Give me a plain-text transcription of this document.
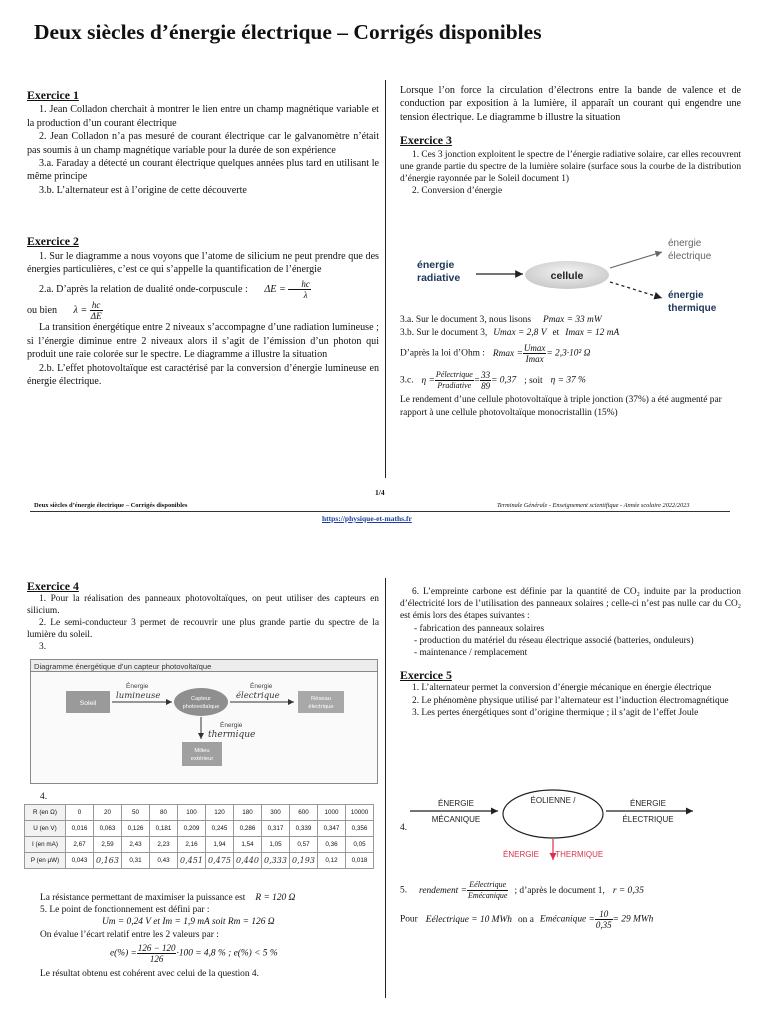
Deux siècles d’énergie électrique – Corrigés disponibles

Exercice 1

1. Jean Colladon cherchait à montrer le lien entre un champ magnétique variable et la production d’un courant électrique

2. Jean Colladon n’a pas mesuré de courant électrique car le galvanomètre n’était pas soumis à un champ magnétique variable pour la durée de son expérience

3.a. Faraday a détecté un courant électrique quelques années plus tard en utilisant le même principe

3.b. L’alternateur est à l’origine de cette découverte

Exercice 2

1. Sur le diagramme a nous voyons que l’atome de silicium ne peut prendre que des énergies particulières, c’est ce qui s’appelle la quantification de l’énergie

2.a. D’après la relation de dualité onde-corpuscule : $\Delta E = \frac{hc}{\lambda}$

ou bien $\lambda = \frac{hc}{\Delta E}$

La transition énergétique entre 2 niveaux s’accompagne d’une radiation lumineuse ; si l’énergie diminue entre 2 niveaux alors il s’agit de l’émission d’un photon qui produit une raie colorée sur le spectre. Le diagramme a illustre la situation

2.b. L’effet photovoltaïque est caractérisé par la conversion d’énergie lumineuse en énergie électrique.

Lorsque l’on force la circulation d’électrons entre la bande de valence et de conduction par exposition à la lumière, il apparaît un courant qui engendre une tension électrique. Le diagramme b illustre la situation

Exercice 3

1. Ces 3 jonction exploitent le spectre de l’énergie radiative solaire, car elles recouvrent une grande partie du spectre de la lumière solaire (surface sous la courbe de la distribution d’énergie rayonnée par le Soleil document 1)

2. Conversion d’énergie

énergie
radiative	cellule
énergie
électrique
énergie
thermique

3.a. Sur le document 3, nous lisons Pmax = 33 mW

3.b. Sur le document 3, Umax = 2,8 V et Imax = 12 mA

D’après la loi d’Ohm : $Rmax = \frac{Umax}{Imax} = 2,3\cdot 10^2$ Ω

3.c. $\eta = \frac{\text{Pélectrique}}{\text{Pradiative}} = \frac{33}{89} = 0,37$ ; soit η = 37 %

Le rendement d’une cellule photovoltaïque à triple jonction (37%) a été augmenté par rapport à une cellule photovoltaïque monocristallin (15%)

1/4
Deux siècles d’énergie électrique – Corrigés disponibles	Terminale Générale - Enseignement scientifique - Année scolaire 2022/2023
https://physique-et-maths.fr

Exercice 4

1. Pour la réalisation des panneaux photovoltaïques, on peut utiliser des capteurs en silicium.

2. Le semi-conducteur 3 permet de recouvrir une plus grande partie du spectre de la lumière du soleil.

3.

Diagramme énergétique d’un capteur photovoltaïque
Soleil
Énergie
lumineuse	Capteur
photovoltaïque
Énergie
électrique	Réseau
électrique
Énergie
thermique
Milieu
extérieur
4.
R (en Ω)	0	20	50	80	100	120	180	300	600	1000	10000
U (en V)	0,016	0,063	0,126	0,181	0,209	0,245	0,286	0,317	0,339	0,347	0,356
I (en mA)	2,67	2,59	2,43	2,23	2,16	1,94	1,54	1,05	0,57	0,36	0,05
P (en µW)	0,043	0,163	0,31	0,43	0,451	0,475	0,440	0,333	0,193	0,12	0,018

La résistance permettant de maximiser la puissance est R = 120 Ω

5. Le point de fonctionnement est défini par :

Um = 0,24 V et Im = 1,9 mA soit Rm = 126 Ω

On évalue l’écart relatif entre les 2 valeurs par :

$e(\%) = \frac{126 - 120}{126} \cdot 100 = 4,8$ % ; e(%) < 5 %

Le résultat obtenu est cohérent avec celui de la question 4.

6. L’empreinte carbone est définie par la quantité de CO₂ induite par la production d’électricité lors de l’utilisation des panneaux solaires ; celle-ci n’est pas nulle car du CO₂ est émis lors des étapes suivantes :

- fabrication des panneaux solaires

- production du matériel du réseau électrique associé (batteries, onduleurs)

- maintenance / remplacement

Exercice 5

1. L’alternateur permet la conversion d’énergie mécanique en énergie électrique

2. Le phénomène physique utilisé par l’alternateur est l’induction électromagnétique

3. Les pertes énergétiques sont d’origine thermique ; il s’agit de l’effet Joule

4.
ÉNERGIE
MÉCANIQUE
ÉOLIENNE /	ÉNERGIE
ÉLECTRIQUE
ÉNERGIE THERMIQUE

5. rendement = $\frac{\text{Eélectrique}}{\text{Emécanique}}$ ; d’après le document 1, r = 0,35

Pour Eélectrique = 10 MWh on a Emécanique = $\frac{10}{0,35} = 29$ MWh
